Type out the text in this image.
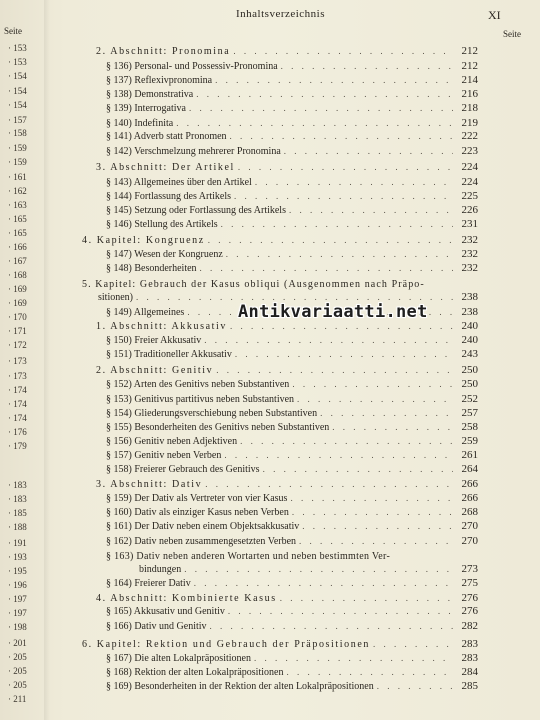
Inhaltsverzeichnis	XI
Seite	Seite
· 153
· 153
· 154
· 154
· 154
· 157
· 158
· 159
· 159
· 161
· 162
· 163
· 165
· 165
· 166
· 167
· 168
· 169
· 169
· 170
· 171
· 172
· 173
· 173
· 174
· 174
· 174
· 176
· 179
· 183
· 183
· 185
· 188
· 191
· 193
· 195
· 196
· 197
· 197
· 198
· 201
· 205
· 205
· 205
· 211
2. Abschnitt: Pronomina . . .	212
§ 136) Personal- und Possessiv-Pronomina . . .	212
§ 137) Reflexivpronomina . . .	214
§ 138) Demonstrativa . . .	216
§ 139) Interrogativa . . .	218
§ 140) Indefinita . . .	219
§ 141) Adverb statt Pronomen . . .	222
§ 142) Verschmelzung mehrerer Pronomina . . .	223
3. Abschnitt: Der Artikel . . .	224
§ 143) Allgemeines über den Artikel . . .	224
§ 144) Fortlassung des Artikels . . .	225
§ 145) Setzung oder Fortlassung des Artikels . . .	226
§ 146) Stellung des Artikels . . .	231
4. Kapitel: Kongruenz . . .	232
§ 147) Wesen der Kongruenz . . .	232
§ 148) Besonderheiten . . .	232
5. Kapitel: Gebrauch der Kasus obliqui (Ausgenommen nach Präpo-
sitionen) . . .	238
§ 149) Allgemeines . . .	238
1. Abschnitt: Akkusativ . . .	240
§ 150) Freier Akkusativ . . .	240
§ 151) Traditioneller Akkusativ . . .	243
2. Abschnitt: Genitiv . . .	250
§ 152) Arten des Genitivs neben Substantiven . . .	250
§ 153) Genitivus partitivus neben Substantiven . . .	252
§ 154) Gliederungsverschiebung neben Substantiven . . .	257
§ 155) Besonderheiten des Genitivs neben Substantiven . . .	258
§ 156) Genitiv neben Adjektiven . . .	259
§ 157) Genitiv neben Verben . . .	261
§ 158) Freierer Gebrauch des Genitivs . . .	264
3. Abschnitt: Dativ . . .	266
§ 159) Der Dativ als Vertreter von vier Kasus . . .	266
§ 160) Dativ als einziger Kasus neben Verben . . .	268
§ 161) Der Dativ neben einem Objektsakkusativ . . .	270
§ 162) Dativ neben zusammengesetzten Verben . . .	270
§ 163) Dativ neben anderen Wortarten und neben bestimmten Ver-
bindungen . . .	273
§ 164) Freierer Dativ . . .	275
4. Abschnitt: Kombinierte Kasus . . .	276
§ 165) Akkusativ und Genitiv . . .	276
§ 166) Dativ und Genitiv . . .	282
6. Kapitel: Rektion und Gebrauch der Präpositionen . . .	283
§ 167) Die alten Lokalpräpositionen . . .	283
§ 168) Rektion der alten Lokalpräpositionen . . .	284
§ 169) Besonderheiten in der Rektion der alten Lokalpräpositionen . . .	285
Antikvariaatti.net
